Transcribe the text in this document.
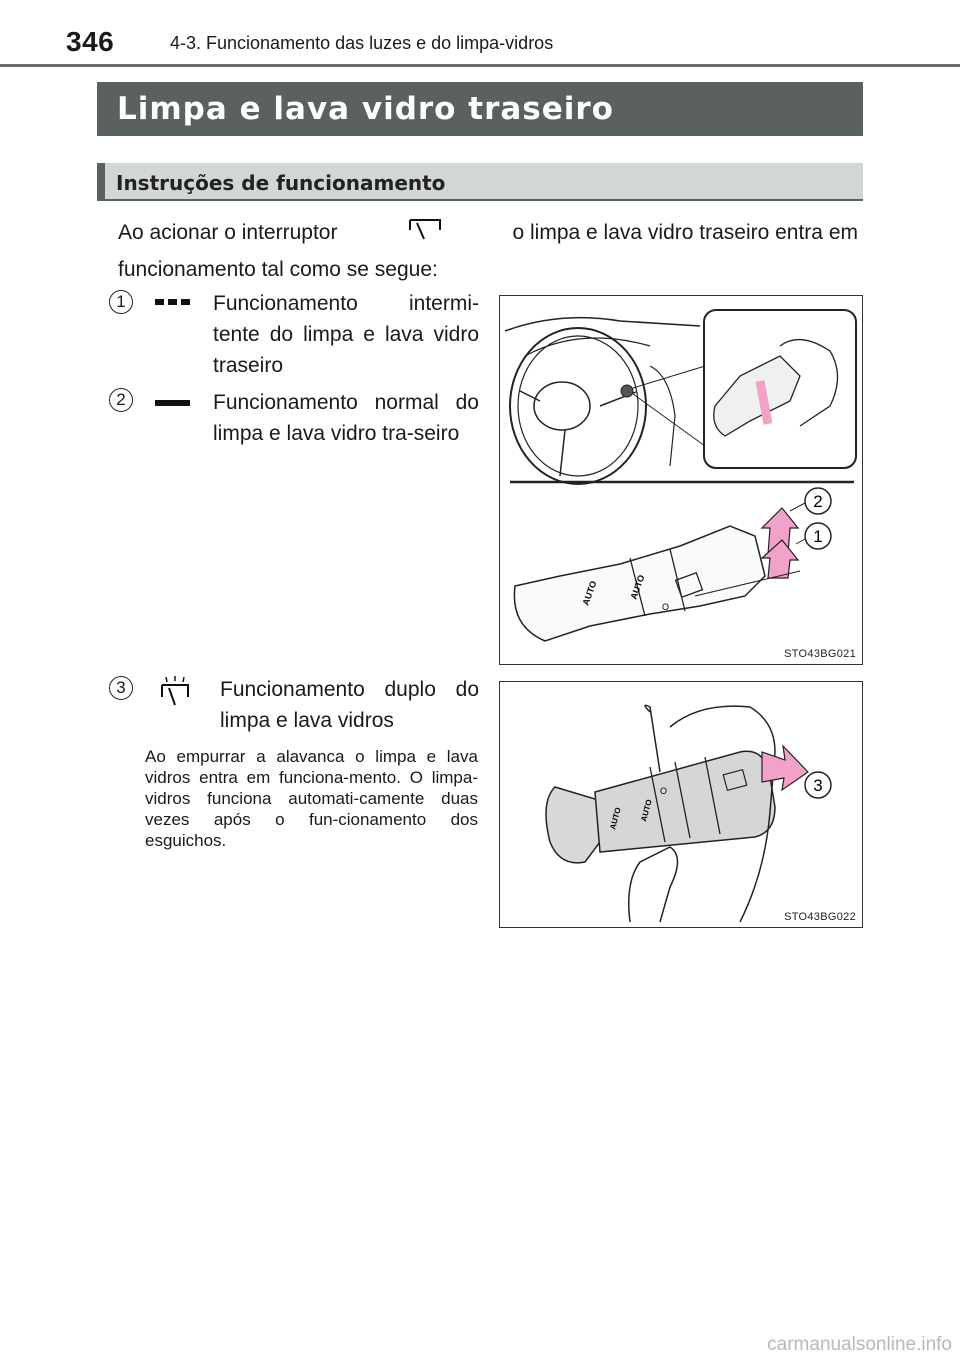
346	4-3. Funcionamento das luzes e do limpa-vidros
Limpa e lava vidro traseiro
Instruções de funcionamento
Ao acionar o interruptor	o limpa e lava vidro traseiro entra em
funcionamento tal como se segue:
1	Funcionamento intermi-tente do limpa e lava vidro traseiro
2	Funcionamento normal do limpa e lava vidro tra-seiro
AUTO	AUTO
O
2
1
STO43BG021
3	Funcionamento duplo do limpa e lava vidros
Ao empurrar a alavanca o limpa e lava vidros entra em funciona-mento. O limpa-vidros funciona automati-camente duas vezes após o fun-cionamento dos esguichos.
AUTO AUTO
O	3
STO43BG022
carmanualsonline.info
